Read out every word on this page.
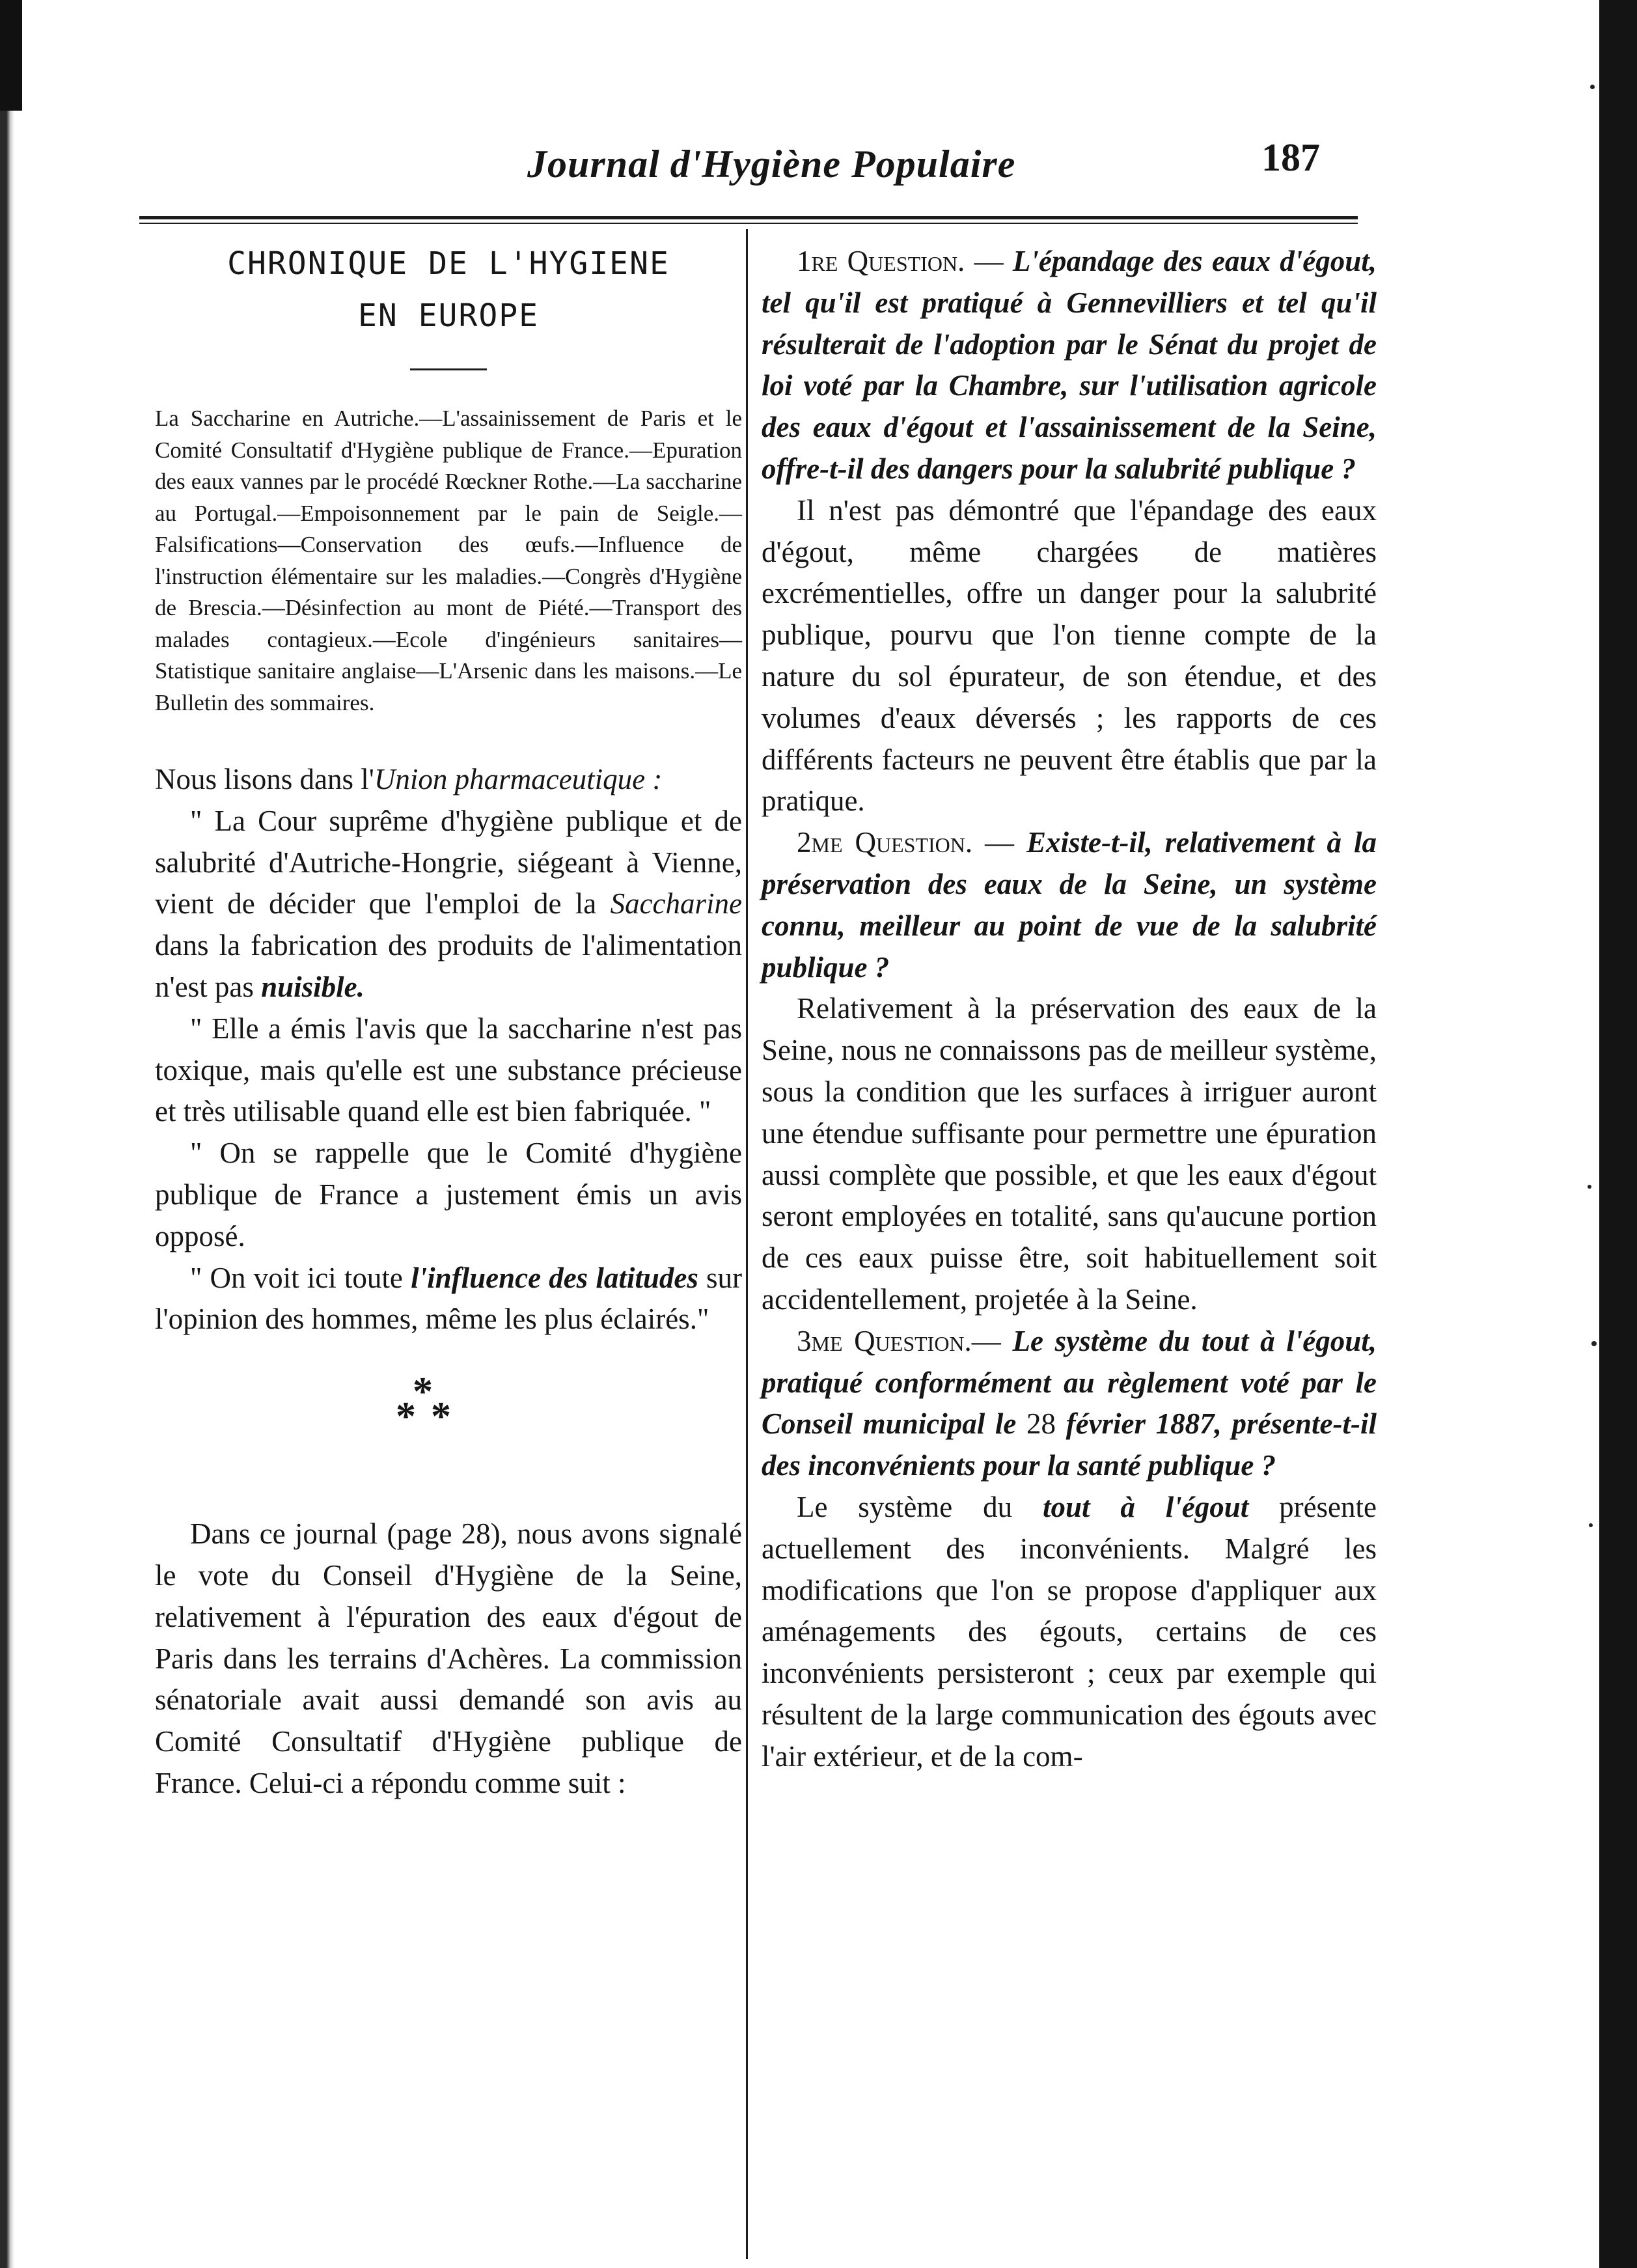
Journal d'Hygiène Populaire	187

CHRONIQUE DE L'HYGIENE

EN EUROPE

La Saccharine en Autriche.—L'assainissement de Paris et le Comité Consultatif d'Hygiène publique de France.—Epuration des eaux vannes par le procédé Rœckner Rothe.—La saccharine au Portugal.—Empoisonnement par le pain de Seigle.—Falsifications—Conservation des œufs.—Influence de l'instruction élémentaire sur les maladies.—Congrès d'Hygiène de Brescia.—Désinfection au mont de Piété.—Transport des malades contagieux.—Ecole d'ingénieurs sanitaires—Statistique sanitaire anglaise—L'Arsenic dans les maisons.—Le Bulletin des sommaires.

Nous lisons dans l'Union pharmaceutique :

" La Cour suprême d'hygiène publique et de salubrité d'Autriche-Hongrie, siégeant à Vienne, vient de décider que l'emploi de la Saccharine dans la fabrication des produits de l'alimentation n'est pas nuisible.

" Elle a émis l'avis que la saccharine n'est pas toxique, mais qu'elle est une substance précieuse et très utilisable quand elle est bien fabriquée. "

" On se rappelle que le Comité d'hygiène publique de France a justement émis un avis opposé.

" On voit ici toute l'influence des latitudes sur l'opinion des hommes, même les plus éclairés."

*
* *

Dans ce journal (page 28), nous avons signalé le vote du Conseil d'Hygiène de la Seine, relativement à l'épuration des eaux d'égout de Paris dans les terrains d'Achères. La commission sénatoriale avait aussi demandé son avis au Comité Consultatif d'Hygiène publique de France. Celui-ci a répondu comme suit :

1re Question. — L'épandage des eaux d'égout, tel qu'il est pratiqué à Gennevilliers et tel qu'il résulterait de l'adoption par le Sénat du projet de loi voté par la Chambre, sur l'utilisation agricole des eaux d'égout et l'assainissement de la Seine, offre-t-il des dangers pour la salubrité publique ?

Il n'est pas démontré que l'épandage des eaux d'égout, même chargées de matières excrémentielles, offre un danger pour la salubrité publique, pourvu que l'on tienne compte de la nature du sol épurateur, de son étendue, et des volumes d'eaux déversés ; les rapports de ces différents facteurs ne peuvent être établis que par la pratique.

2me Question. — Existe-t-il, relativement à la préservation des eaux de la Seine, un système connu, meilleur au point de vue de la salubrité publique ?

Relativement à la préservation des eaux de la Seine, nous ne connaissons pas de meilleur système, sous la condition que les surfaces à irriguer auront une étendue suffisante pour permettre une épuration aussi complète que possible, et que les eaux d'égout seront employées en totalité, sans qu'aucune portion de ces eaux puisse être, soit habituellement soit accidentellement, projetée à la Seine.

3me Question.— Le système du tout à l'égout, pratiqué conformément au règlement voté par le Conseil municipal le 28 février 1887, présente-t-il des inconvénients pour la santé publique ?

Le système du tout à l'égout présente actuellement des inconvénients. Malgré les modifications que l'on se propose d'appliquer aux aménagements des égouts, certains de ces inconvénients persisteront ; ceux par exemple qui résultent de la large communication des égouts avec l'air extérieur, et de la com-
